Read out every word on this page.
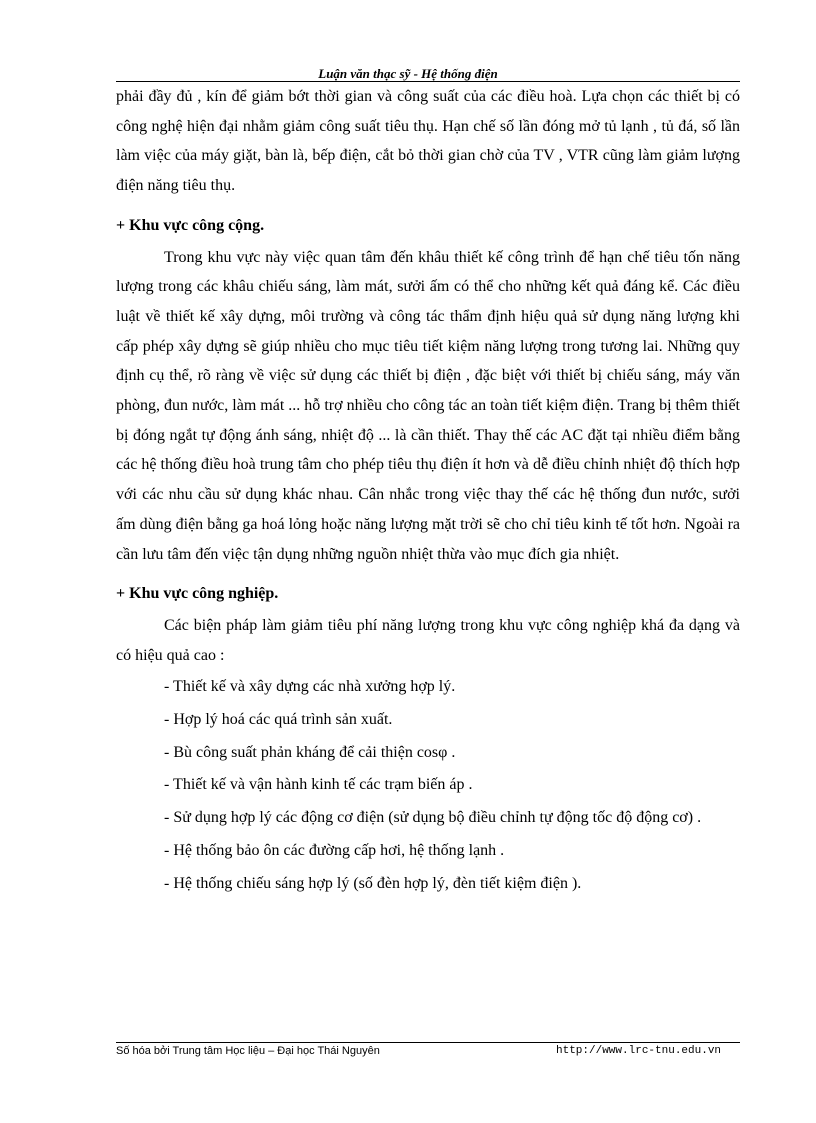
Luận văn thạc sỹ - Hệ thống điện

phải đầy đủ , kín để giảm bớt thời gian và công suất của các điều hoà. Lựa chọn các thiết bị có công nghệ hiện đại nhằm giảm công suất tiêu thụ. Hạn chế số lần đóng mở tủ lạnh , tủ đá, số lần làm việc của máy giặt, bàn là, bếp điện, cắt bỏ thời gian chờ của TV , VTR cũng làm giảm lượng điện năng tiêu thụ.

+ Khu vực công cộng.

Trong khu vực này việc quan tâm đến khâu thiết kế công trình để hạn chế tiêu tốn năng lượng trong các khâu chiếu sáng, làm mát, sưởi ấm có thể cho những kết quả đáng kể. Các điều luật về thiết kế xây dựng, môi trường và công tác thẩm định hiệu quả sử dụng năng lượng khi cấp phép xây dựng sẽ giúp nhiều cho mục tiêu tiết kiệm năng lượng trong tương lai. Những quy định cụ thể, rõ ràng về việc sử dụng các thiết bị điện , đặc biệt với thiết bị chiếu sáng, máy văn phòng, đun nước, làm mát ... hỗ trợ nhiều cho công tác an toàn tiết kiệm điện. Trang bị thêm thiết bị đóng ngắt tự động ánh sáng, nhiệt độ ... là cần thiết. Thay thế các AC đặt tại nhiều điểm bằng các hệ thống điều hoà trung tâm cho phép tiêu thụ điện ít hơn và dễ điều chỉnh nhiệt độ thích hợp với các nhu cầu sử dụng khác nhau. Cân nhắc trong việc thay thế các hệ thống đun nước, sưởi ấm dùng điện bằng ga hoá lỏng hoặc năng lượng mặt trời sẽ cho chỉ tiêu kinh tế tốt hơn. Ngoài ra cần lưu tâm đến việc tận dụng những nguồn nhiệt thừa vào mục đích gia nhiệt.

+ Khu vực công nghiệp.

Các biện pháp làm giảm tiêu phí năng lượng trong khu vực công nghiệp khá đa dạng và có hiệu quả cao :

- Thiết kế và xây dựng các nhà xưởng hợp lý.
- Hợp lý hoá các quá trình sản xuất.
- Bù công suất phản kháng để cải thiện cosφ .
- Thiết kế và vận hành kinh tế các trạm biến áp .
- Sử dụng hợp lý các động cơ điện (sử dụng bộ điều chỉnh tự động tốc độ động cơ) .
- Hệ thống bảo ôn các đường cấp hơi, hệ thống lạnh .
- Hệ thống chiếu sáng hợp lý (số đèn hợp lý, đèn tiết kiệm điện ).
Số hóa bởi Trung tâm Học liệu – Đại học Thái Nguyên	http://www.lrc-tnu.edu.vn
